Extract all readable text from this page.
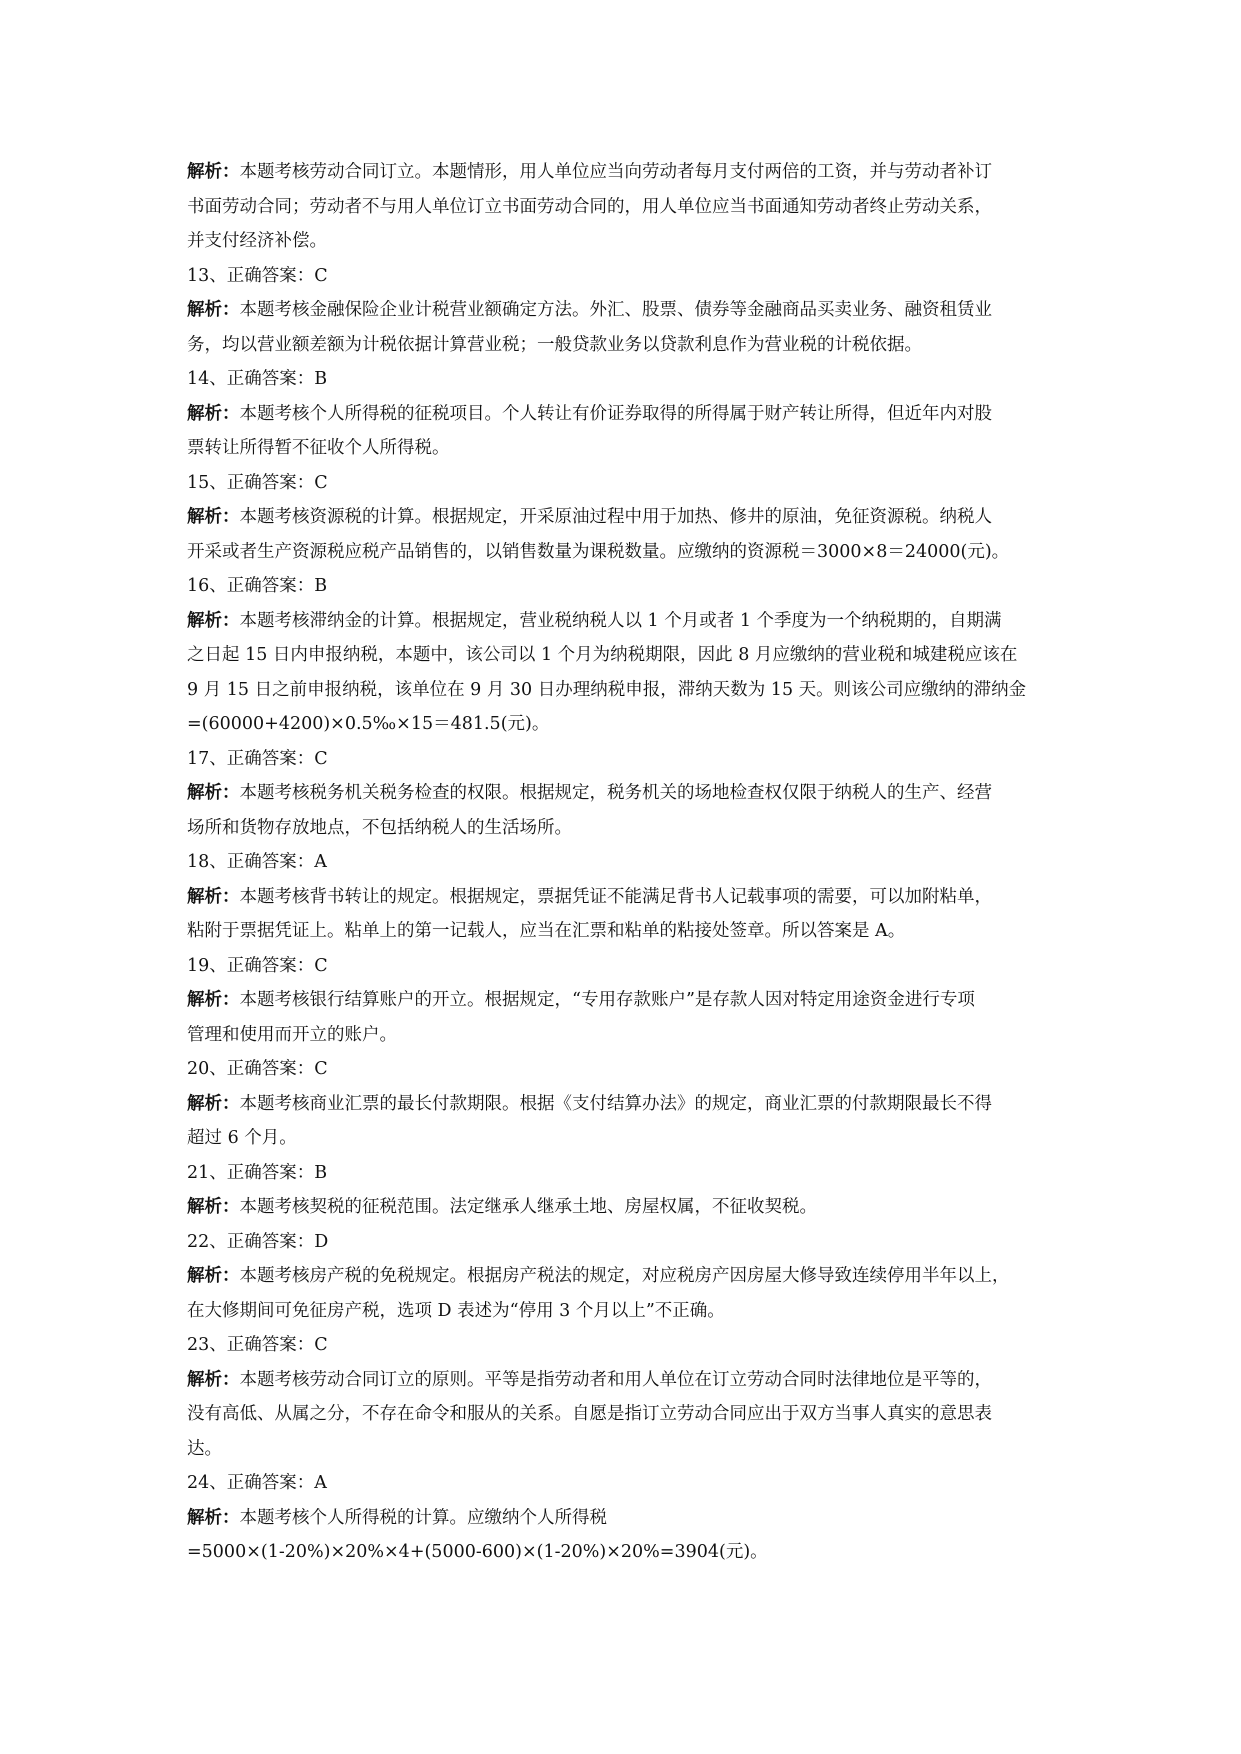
解析：本题考核劳动合同订立。本题情形，用人单位应当向劳动者每月支付两倍的工资，并与劳动者补订
书面劳动合同；劳动者不与用人单位订立书面劳动合同的，用人单位应当书面通知劳动者终止劳动关系，
并支付经济补偿。
13、正确答案：C
解析：本题考核金融保险企业计税营业额确定方法。外汇、股票、债券等金融商品买卖业务、融资租赁业
务，均以营业额差额为计税依据计算营业税；一般贷款业务以贷款利息作为营业税的计税依据。
14、正确答案：B
解析：本题考核个人所得税的征税项目。个人转让有价证券取得的所得属于财产转让所得，但近年内对股
票转让所得暂不征收个人所得税。
15、正确答案：C
解析：本题考核资源税的计算。根据规定，开采原油过程中用于加热、修井的原油，免征资源税。纳税人
开采或者生产资源税应税产品销售的，以销售数量为课税数量。应缴纳的资源税＝3000×8＝24000(元)。
16、正确答案：B
解析：本题考核滞纳金的计算。根据规定，营业税纳税人以 1 个月或者 1 个季度为一个纳税期的，自期满
之日起 15 日内申报纳税，本题中，该公司以 1 个月为纳税期限，因此 8 月应缴纳的营业税和城建税应该在
9 月 15 日之前申报纳税，该单位在 9 月 30 日办理纳税申报，滞纳天数为 15 天。则该公司应缴纳的滞纳金
=(60000+4200)×0.5‰×15＝481.5(元)。
17、正确答案：C
解析：本题考核税务机关税务检查的权限。根据规定，税务机关的场地检查权仅限于纳税人的生产、经营
场所和货物存放地点，不包括纳税人的生活场所。
18、正确答案：A
解析：本题考核背书转让的规定。根据规定，票据凭证不能满足背书人记载事项的需要，可以加附粘单，
粘附于票据凭证上。粘单上的第一记载人，应当在汇票和粘单的粘接处签章。所以答案是 A。
19、正确答案：C
解析：本题考核银行结算账户的开立。根据规定，“专用存款账户”是存款人因对特定用途资金进行专项
管理和使用而开立的账户。
20、正确答案：C
解析：本题考核商业汇票的最长付款期限。根据《支付结算办法》的规定，商业汇票的付款期限最长不得
超过 6 个月。
21、正确答案：B
解析：本题考核契税的征税范围。法定继承人继承土地、房屋权属，不征收契税。
22、正确答案：D
解析：本题考核房产税的免税规定。根据房产税法的规定，对应税房产因房屋大修导致连续停用半年以上，
在大修期间可免征房产税，选项 D 表述为“停用 3 个月以上”不正确。
23、正确答案：C
解析：本题考核劳动合同订立的原则。平等是指劳动者和用人单位在订立劳动合同时法律地位是平等的，
没有高低、从属之分，不存在命令和服从的关系。自愿是指订立劳动合同应出于双方当事人真实的意思表
达。
24、正确答案：A
解析：本题考核个人所得税的计算。应缴纳个人所得税
=5000×(1-20%)×20%×4+(5000-600)×(1-20%)×20%=3904(元)。
